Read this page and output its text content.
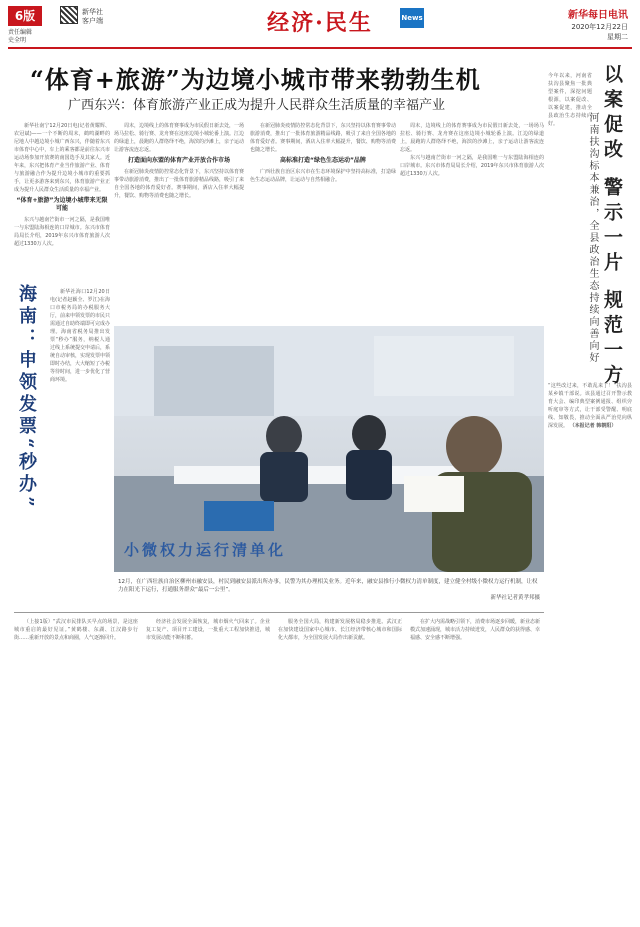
6版
责任编辑
史全明
新华社
客户端	经济·民生	News	新华每日电讯
2020年12月22日
星期二
“体育+旅游”为边境小城市带来勃勃生机
广西东兴：体育旅游产业正成为提升人民群众生活质量的幸福产业

新华社南宁12月20日电(记者黄耀辉、农冠斌)——一个不断的周末，鹤鸣湖畔的尼地人中越边境小城广西东兴，伴随着东兴市体育中心中，车上的乘客都是前往东兴市运动场参加开放赛的南国选手及其家人。近年来，东兴把体育产业当作旅游产业、体育与旅游融合作为提升边境小城市的重要抓手，让更多游客来到东兴，体育旅游产业正成为提升人民群众生活质量的幸福产业。

“体育+旅游”为边境小城带来无限可能

东兴与越南芒街市一河之隔，是我国唯一与东盟陆海相连的口岸城市。东兴市体育局局长介绍，2019年东兴市体育旅游人次超过1330万人次。

周末，边境线上的体育赛事成为市民假日新去处，一场场马拉松、骑行赛、龙舟赛在这座边境小城轮番上演。江边的绿道上，晨跑的人群络绎不绝，海滨的沙滩上，亲子运动让游客流连忘返。

打造面向东盟的体育产业开放合作市场

在新冠肺炎疫情防控常态化背景下，东兴坚持以体育赛事带动旅游消费，推出了一批体育旅游精品线路，吸引了来自全国各地的体育爱好者。赛事期间，酒店入住率大幅提升，餐饮、购物等消费也随之增长。

在新冠肺炎疫情防控常态化背景下，东兴坚持以体育赛事带动旅游消费，推出了一批体育旅游精品线路，吸引了来自全国各地的体育爱好者。赛事期间，酒店入住率大幅提升，餐饮、购物等消费也随之增长。

高标准打造“绿色生态运动”品牌

广西壮族自治区东兴市在生态环境保护中坚持高标准，打造绿色生态运动品牌，让运动与自然相融合。

周末，边境线上的体育赛事成为市民假日新去处，一场场马拉松、骑行赛、龙舟赛在这座边境小城轮番上演。江边的绿道上，晨跑的人群络绎不绝，海滨的沙滩上，亲子运动让游客流连忘返。

东兴与越南芒街市一河之隔，是我国唯一与东盟陆海相连的口岸城市。东兴市体育局局长介绍，2019年东兴市体育旅游人次超过1330万人次。

海南：申领发票“秒办”	新华社海口12月20日电(记者赵颖全、罗江)在海口市税务局的办税服务大厅，前来申领发票的市民只需通过自助终端即可完成办理。海南省税务局推出发票“秒办”服务，纳税人通过线上系统提交申请后，系统自动审核，实现发票申领即时办结，大大缩短了办税等待时间，进一步优化了营商环境。

小微权力运行清单化
12月，在广西壮族自治区柳州市融安县，村民到融安县派出所办事，民警为其办理相关业务。近年来，融安县推行小微权力清单制度，建立健全村级小微权力运行机制，让权力在阳光下运行，打通服务群众“最后一公里”。
新华社记者黄孝邦摄
今年以来，河南省扶沟县聚焦一批典型案件，深挖问题根源，以案促改、以案促建，推动全县政治生态持续向好。	以案促改 警示一片 规范一方
河南扶沟标本兼治，全县政治生态持续向善向好
“这些改过来，不敢乱来了！”扶沟县某乡镇干部说。该县通过召开警示教育大会、编印典型案例通报、组织旁听庭审等方式，让干部受警醒、明底线、知敬畏，推动全面从严治党向纵深发展。 （本报记者 韩朝阳）

（上接1版）“武汉市民排队买早点的场景，是这座城市重启的最好见证。”黄鹤楼、东湖、江汉路步行街……重新开放的景点和商圈，人气逐渐回升。

经济社会发展全面恢复，城市烟火气回来了。企业复工复产、项目开工建设，一批重大工程加快推进，城市发展动能不断积蓄。

服务全国大局，构建新发展格局稳步推进。武汉正在加快建设国家中心城市、长江经济带核心城市和国际化大都市，为全国发展大局作出新贡献。

在扩大内需战略引领下，消费市场逐步回暖，新业态新模式加速涌现，城市活力持续迸发，人民群众的获得感、幸福感、安全感不断增强。
